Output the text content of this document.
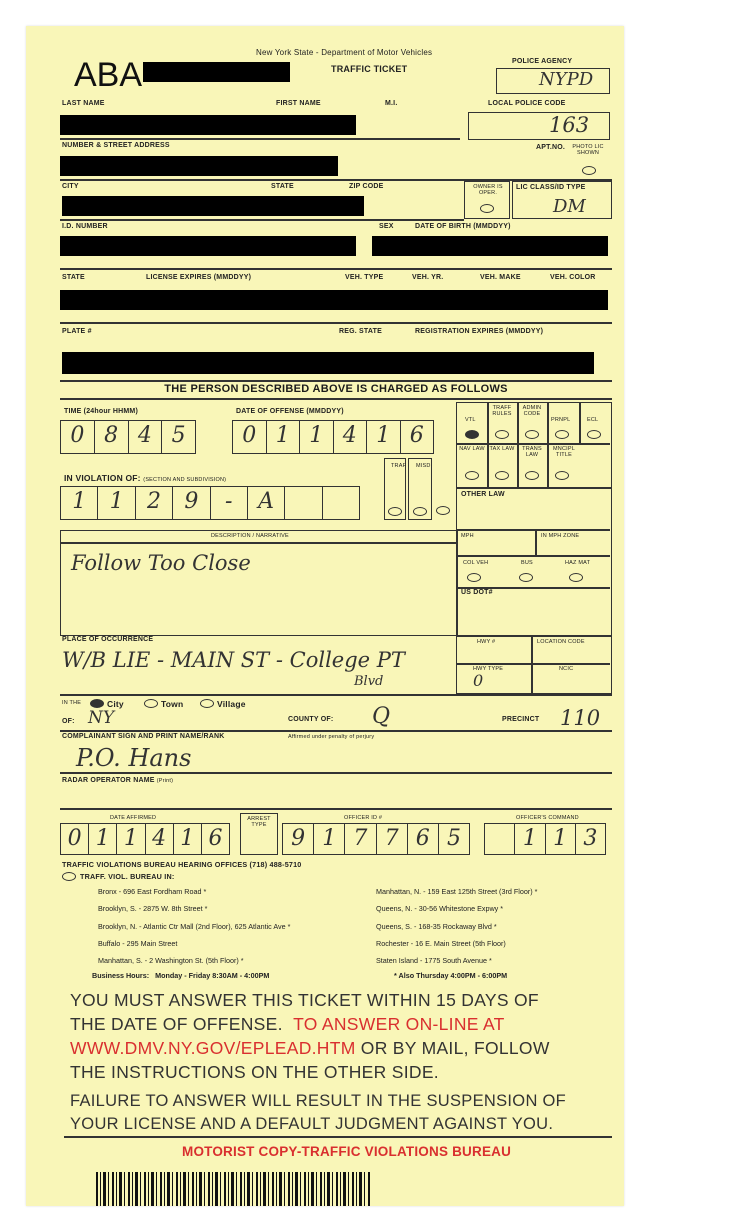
New York State - Department of Motor Vehicles
TRAFFIC TICKET
ABA	POLICE AGENCY
NYPD
LOCAL POLICE CODE
163
LAST NAME	FIRST NAME	M.I.
NUMBER & STREET ADDRESS	APT.NO. PHOTO LIC SHOWN
CITY	STATE	ZIP CODE	OWNER IS OPER.
LIC CLASS/ID TYPE
DM
I.D. NUMBER	SEX	DATE OF BIRTH (MMDDYY)
STATE	LICENSE EXPIRES (MMDDYY)	VEH. TYPE	VEH. YR.	VEH. MAKE	VEH. COLOR
PLATE #	REG. STATE	REGISTRATION EXPIRES (MMDDYY)
THE PERSON DESCRIBED ABOVE IS CHARGED AS FOLLOWS
TIME (24hour HHMM)
0 8 4 5
DATE OF OFFENSE (MMDDYY)
0 1 1 4 1 6
VTL
TRAFF RULES
ADMIN CODE
PRNPL	ECL
NAV LAW TAX LAW	TRANS LAW
MNCIPL TITLE
IN VIOLATION OF: (SECTION AND SUBDIVISION)
1	1	2	9	-	A
TRAF MISD
OTHER LAW
MPH	IN MPH ZONE
COL VEH	BUS	HAZ MAT
US DOT#
DESCRIPTION / NARRATIVE
Follow Too Close
PLACE OF OCCURRENCE
W/B LIE - MAIN ST - College PT
Blvd
HWY #	LOCATION CODE
HWY TYPE
0
NCIC
IN THE	City	Town	Village
OF: NY	COUNTY OF: Q	PRECINCT 110
COMPLAINANT SIGN AND PRINT NAME/RANK	Affirmed under penalty of perjury
P.O. Hans
RADAR OPERATOR NAME (Print)
DATE AFFIRMED
0 1 1 4 1 6
ARREST TYPE
OFFICER ID #
9 1 7 7 6 5
OFFICER'S COMMAND
1 1 3
TRAFFIC VIOLATIONS BUREAU HEARING OFFICES (718) 488-5710
TRAFF. VIOL. BUREAU IN:
Bronx - 696 East Fordham Road *
Brooklyn, S. - 2875 W. 8th Street *
Brooklyn, N. - Atlantic Ctr Mall (2nd Floor), 625 Atlantic Ave *
Buffalo - 295 Main Street
Manhattan, S. - 2 Washington St. (5th Floor) *
Manhattan, N. - 159 East 125th Street (3rd Floor) *
Queens, N. - 30-56 Whitestone Expwy *
Queens, S. - 168-35 Rockaway Blvd *
Rochester - 16 E. Main Street (5th Floor)
Staten Island - 1775 South Avenue *
Business Hours: Monday - Friday 8:30AM - 4:00PM	* Also Thursday 4:00PM - 6:00PM
YOU MUST ANSWER THIS TICKET WITHIN 15 DAYS OF
THE DATE OF OFFENSE. TO ANSWER ON-LINE AT
WWW.DMV.NY.GOV/EPLEAD.HTM OR BY MAIL, FOLLOW
THE INSTRUCTIONS ON THE OTHER SIDE.
FAILURE TO ANSWER WILL RESULT IN THE SUSPENSION OF
YOUR LICENSE AND A DEFAULT JUDGMENT AGAINST YOU.
MOTORIST COPY-TRAFFIC VIOLATIONS BUREAU
